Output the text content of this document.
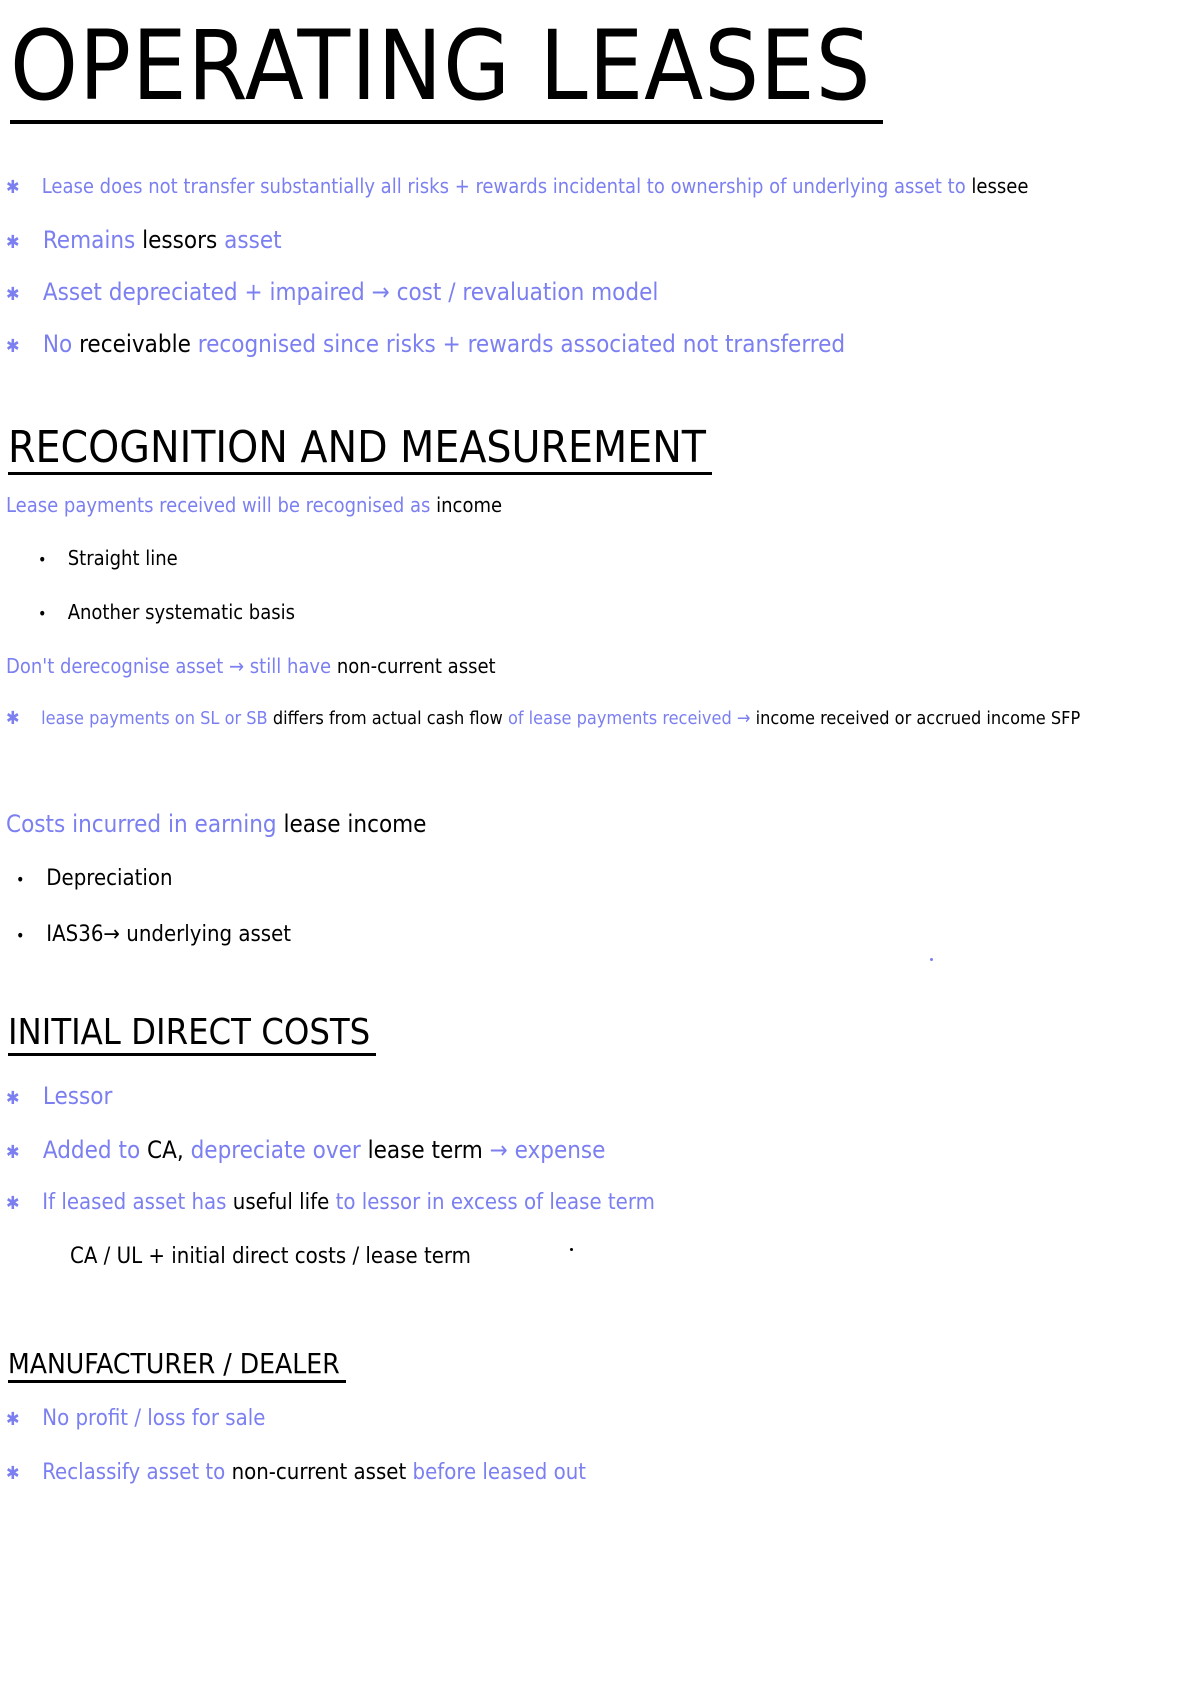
OPERATING LEASES
✱ Lease does not transfer substantially all risks + rewards incidental to ownership of underlying asset to lessee
✱ Remains lessors asset
✱ Asset depreciated + impaired → cost / revaluation model
✱ No receivable recognised since risks + rewards associated not transferred
RECOGNITION AND MEASUREMENT
Lease payments received will be recognised as income
• Straight line
• Another systematic basis
Don't derecognise asset → still have non-current asset
✱ lease payments on SL or SB differs from actual cash flow of lease payments received → income received or accrued income SFP
Costs incurred in earning lease income
• Depreciation
• IAS36→ underlying asset
INITIAL DIRECT COSTS
✱ Lessor
✱ Added to CA, depreciate over lease term → expense
✱ If leased asset has useful life to lessor in excess of lease term
CA / UL + initial direct costs / lease term
MANUFACTURER / DEALER
✱ No profit / loss for sale
✱ Reclassify asset to non-current asset before leased out
